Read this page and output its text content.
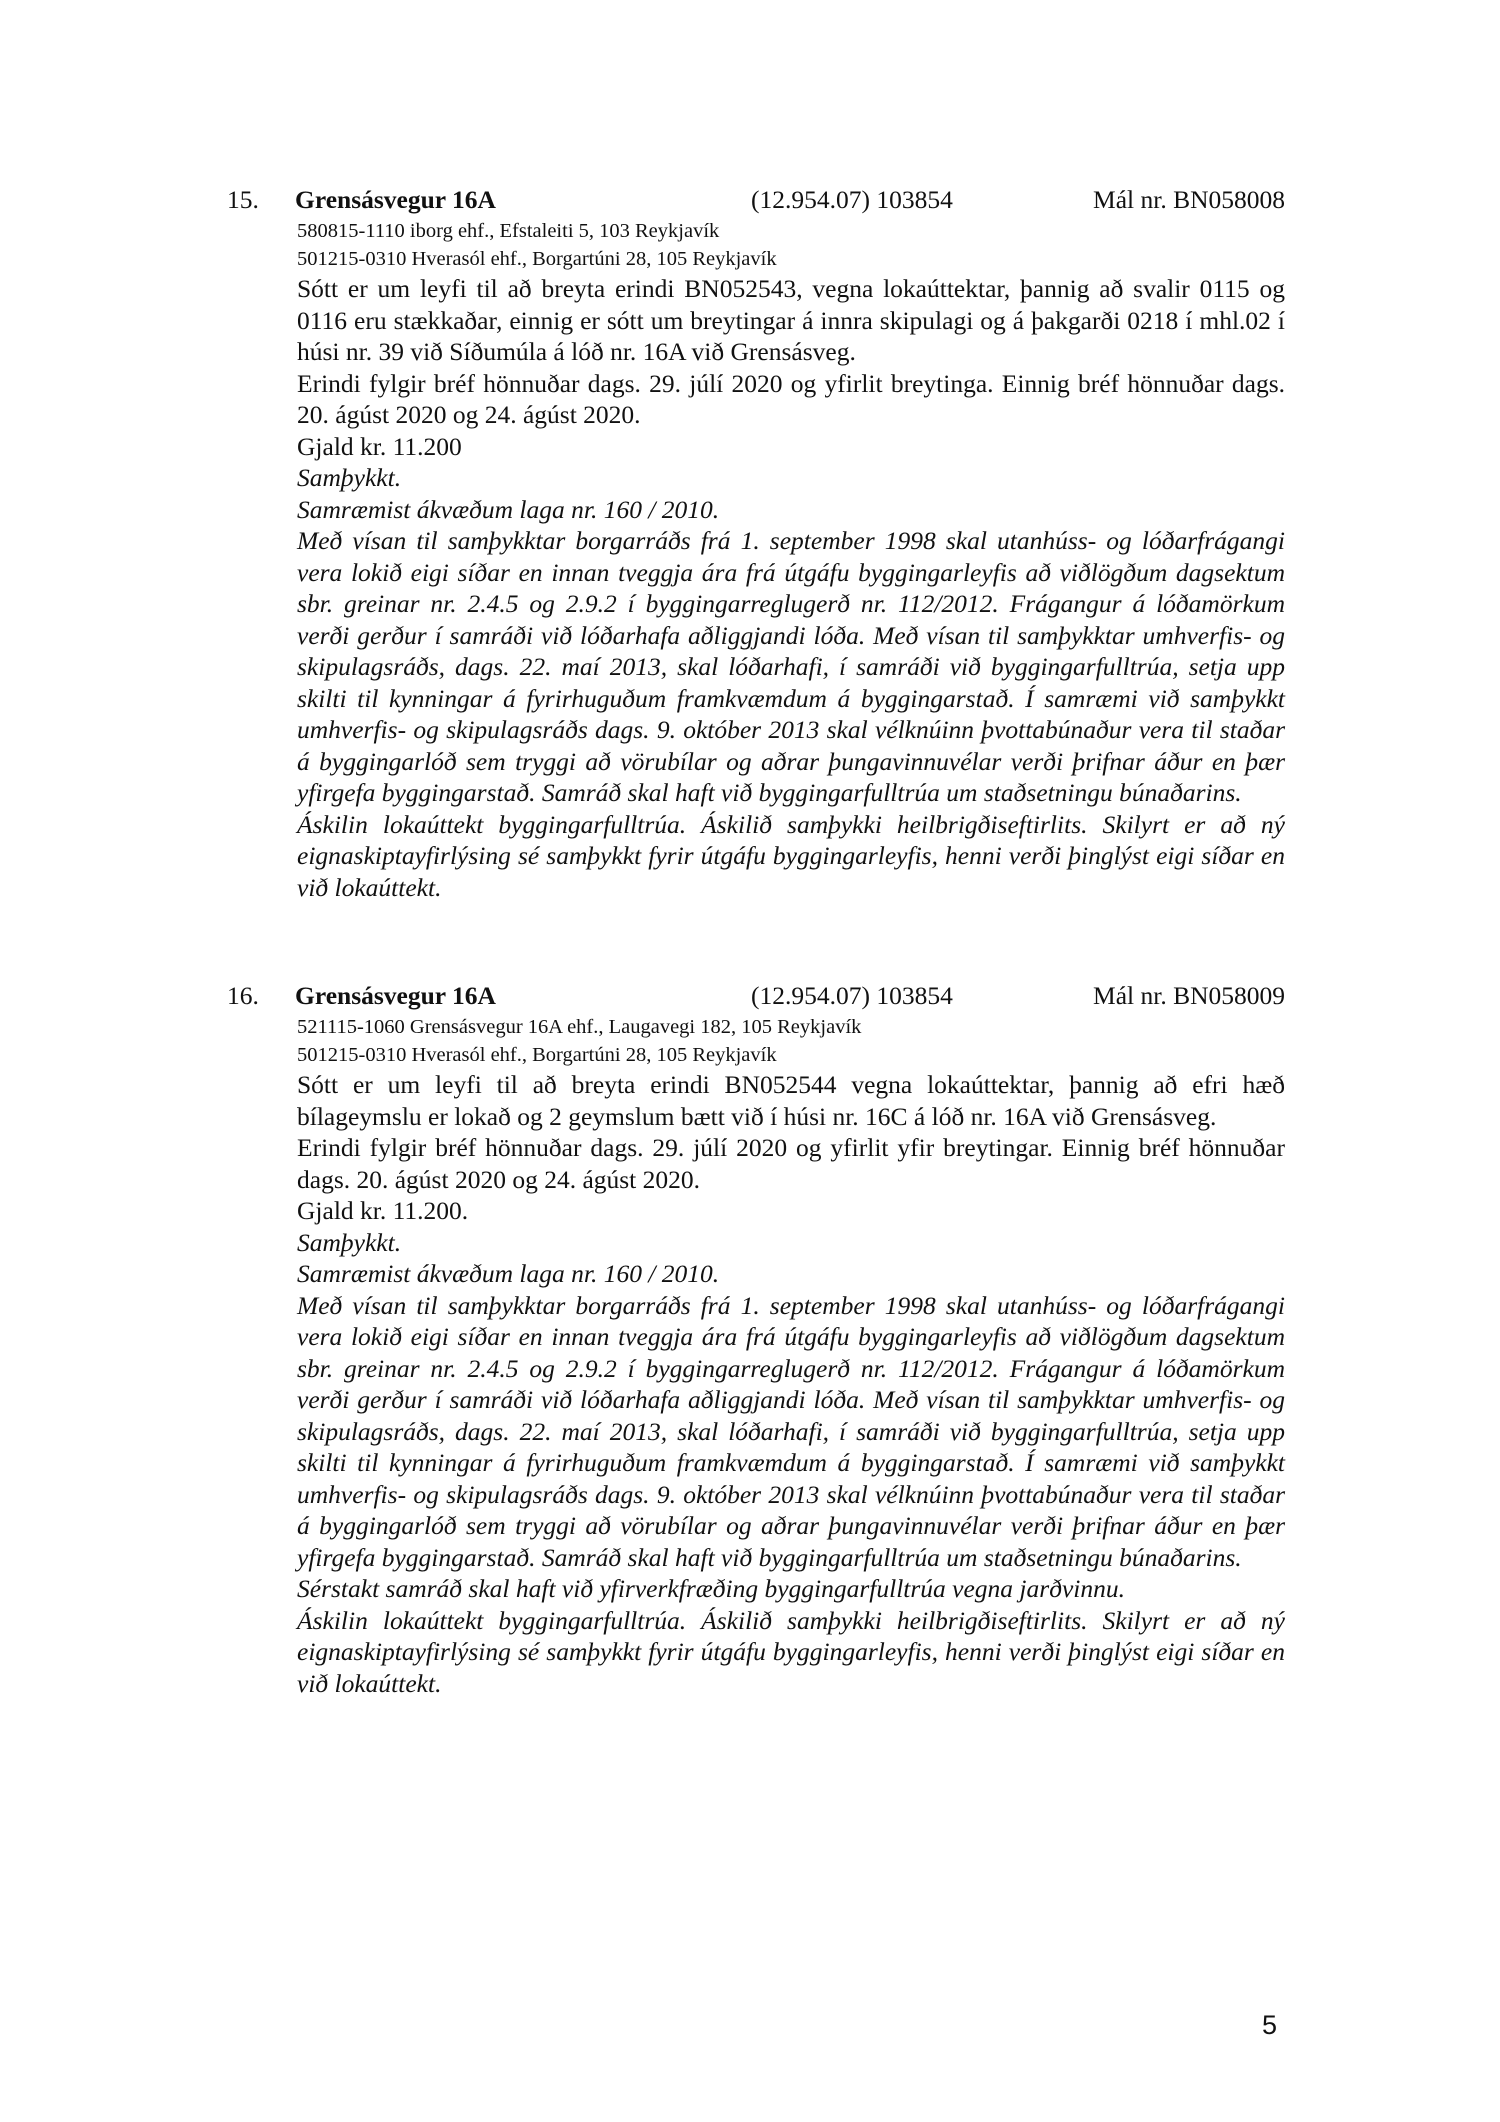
15. Grensásvegur 16A	(12.954.07) 103854	Mál nr. BN058008
580815-1110 iborg ehf., Efstaleiti 5, 103 Reykjavík
501215-0310 Hverasól ehf., Borgartúni 28, 105 Reykjavík

Sótt er um leyfi til að breyta erindi BN052543, vegna lokaúttektar, þannig að svalir 0115 og 0116 eru stækkaðar, einnig er sótt um breytingar á innra skipulagi og á þakgarði 0218 í mhl.02 í húsi nr. 39 við Síðumúla á lóð nr. 16A við Grensásveg.

Erindi fylgir bréf hönnuðar dags. 29. júlí 2020 og yfirlit breytinga. Einnig bréf hönnuðar dags. 20. ágúst 2020 og 24. ágúst 2020.

Gjald kr. 11.200

Samþykkt.

Samræmist ákvæðum laga nr. 160 / 2010.

Með vísan til samþykktar borgarráðs frá 1. september 1998 skal utanhúss- og lóðarfrágangi vera lokið eigi síðar en innan tveggja ára frá útgáfu byggingarleyfis að viðlögðum dagsektum sbr. greinar nr. 2.4.5 og 2.9.2 í byggingarreglugerð nr. 112/2012. Frágangur á lóðamörkum verði gerður í samráði við lóðarhafa aðliggjandi lóða. Með vísan til samþykktar umhverfis- og skipulagsráðs, dags. 22. maí 2013, skal lóðarhafi, í samráði við byggingarfulltrúa, setja upp skilti til kynningar á fyrirhuguðum framkvæmdum á byggingarstað. Í samræmi við samþykkt umhverfis- og skipulagsráðs dags. 9. október 2013 skal vélknúinn þvottabúnaður vera til staðar á byggingarlóð sem tryggi að vörubílar og aðrar þungavinnuvélar verði þrifnar áður en þær yfirgefa byggingarstað. Samráð skal haft við byggingarfulltrúa um staðsetningu búnaðarins.

Áskilin lokaúttekt byggingarfulltrúa. Áskilið samþykki heilbrigðiseftirlits. Skilyrt er að ný eignaskiptayfirlýsing sé samþykkt fyrir útgáfu byggingarleyfis, henni verði þinglýst eigi síðar en við lokaúttekt.

16. Grensásvegur 16A	(12.954.07) 103854	Mál nr. BN058009
521115-1060 Grensásvegur 16A ehf., Laugavegi 182, 105 Reykjavík
501215-0310 Hverasól ehf., Borgartúni 28, 105 Reykjavík

Sótt er um leyfi til að breyta erindi BN052544 vegna lokaúttektar, þannig að efri hæð bílageymslu er lokað og 2 geymslum bætt við í húsi nr. 16C á lóð nr. 16A við Grensásveg.

Erindi fylgir bréf hönnuðar dags. 29. júlí 2020 og yfirlit yfir breytingar. Einnig bréf hönnuðar dags. 20. ágúst 2020 og 24. ágúst 2020.

Gjald kr. 11.200.

Samþykkt.

Samræmist ákvæðum laga nr. 160 / 2010.

Með vísan til samþykktar borgarráðs frá 1. september 1998 skal utanhúss- og lóðarfrágangi vera lokið eigi síðar en innan tveggja ára frá útgáfu byggingarleyfis að viðlögðum dagsektum sbr. greinar nr. 2.4.5 og 2.9.2 í byggingarreglugerð nr. 112/2012. Frágangur á lóðamörkum verði gerður í samráði við lóðarhafa aðliggjandi lóða. Með vísan til samþykktar umhverfis- og skipulagsráðs, dags. 22. maí 2013, skal lóðarhafi, í samráði við byggingarfulltrúa, setja upp skilti til kynningar á fyrirhuguðum framkvæmdum á byggingarstað. Í samræmi við samþykkt umhverfis- og skipulagsráðs dags. 9. október 2013 skal vélknúinn þvottabúnaður vera til staðar á byggingarlóð sem tryggi að vörubílar og aðrar þungavinnuvélar verði þrifnar áður en þær yfirgefa byggingarstað. Samráð skal haft við byggingarfulltrúa um staðsetningu búnaðarins.

Sérstakt samráð skal haft við yfirverkfræðing byggingarfulltrúa vegna jarðvinnu.

Áskilin lokaúttekt byggingarfulltrúa. Áskilið samþykki heilbrigðiseftirlits. Skilyrt er að ný eignaskiptayfirlýsing sé samþykkt fyrir útgáfu byggingarleyfis, henni verði þinglýst eigi síðar en við lokaúttekt.

5
